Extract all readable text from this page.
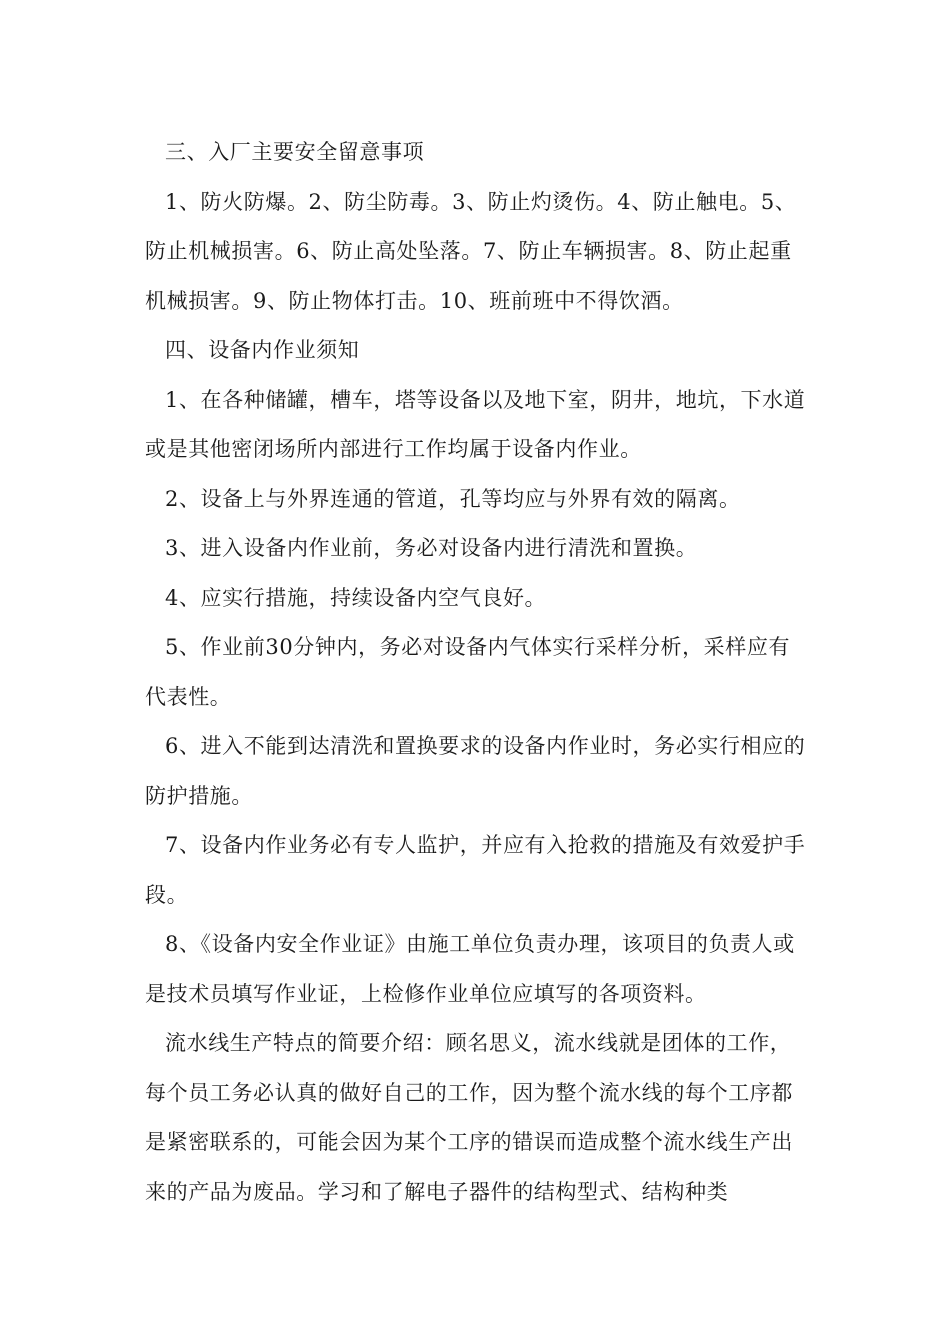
三、入厂主要安全留意事项

1、防火防爆。2、防尘防毒。3、防止灼烫伤。4、防止触电。5、防止机械损害。6、防止高处坠落。7、防止车辆损害。8、防止起重机械损害。9、防止物体打击。10、班前班中不得饮酒。

四、设备内作业须知

1、在各种储罐，槽车，塔等设备以及地下室，阴井，地坑，下水道或是其他密闭场所内部进行工作均属于设备内作业。

2、设备上与外界连通的管道，孔等均应与外界有效的隔离。

3、进入设备内作业前，务必对设备内进行清洗和置换。

4、应实行措施，持续设备内空气良好。

5、作业前30分钟内，务必对设备内气体实行采样分析，采样应有代表性。

6、进入不能到达清洗和置换要求的设备内作业时，务必实行相应的防护措施。

7、设备内作业务必有专人监护，并应有入抢救的措施及有效爱护手段。

8、《设备内安全作业证》由施工单位负责办理，该项目的负责人或是技术员填写作业证，上检修作业单位应填写的各项资料。

流水线生产特点的简要介绍：顾名思义，流水线就是团体的工作，每个员工务必认真的做好自己的工作，因为整个流水线的每个工序都是紧密联系的，可能会因为某个工序的错误而造成整个流水线生产出来的产品为废品。学习和了解电子器件的结构型式、结构种类
